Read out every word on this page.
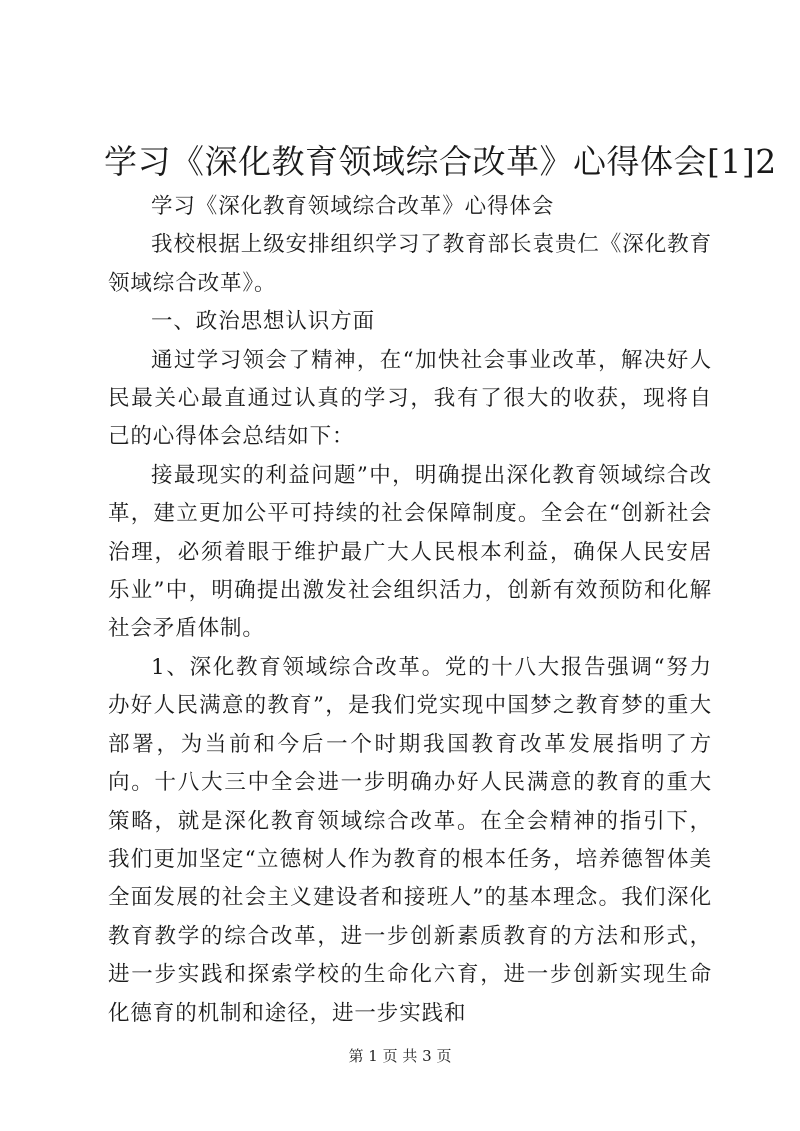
学习《深化教育领域综合改革》心得体会[1]2

学习《深化教育领域综合改革》心得体会

我校根据上级安排组织学习了教育部长袁贵仁《深化教育领域综合改革》。

一、政治思想认识方面

通过学习领会了精神，在“加快社会事业改革，解决好人民最关心最直通过认真的学习，我有了很大的收获，现将自己的心得体会总结如下：

接最现实的利益问题”中，明确提出深化教育领域综合改革，建立更加公平可持续的社会保障制度。全会在“创新社会治理，必须着眼于维护最广大人民根本利益，确保人民安居乐业”中，明确提出激发社会组织活力，创新有效预防和化解社会矛盾体制。

1、深化教育领域综合改革。党的十八大报告强调“努力办好人民满意的教育”，是我们党实现中国梦之教育梦的重大部署，为当前和今后一个时期我国教育改革发展指明了方向。十八大三中全会进一步明确办好人民满意的教育的重大策略，就是深化教育领域综合改革。在全会精神的指引下，我们更加坚定“立德树人作为教育的根本任务，培养德智体美全面发展的社会主义建设者和接班人”的基本理念。我们深化教育教学的综合改革，进一步创新素质教育的方法和形式，进一步实践和探索学校的生命化六育，进一步创新实现生命化德育的机制和途径，进一步实践和

第 1 页 共 3 页
